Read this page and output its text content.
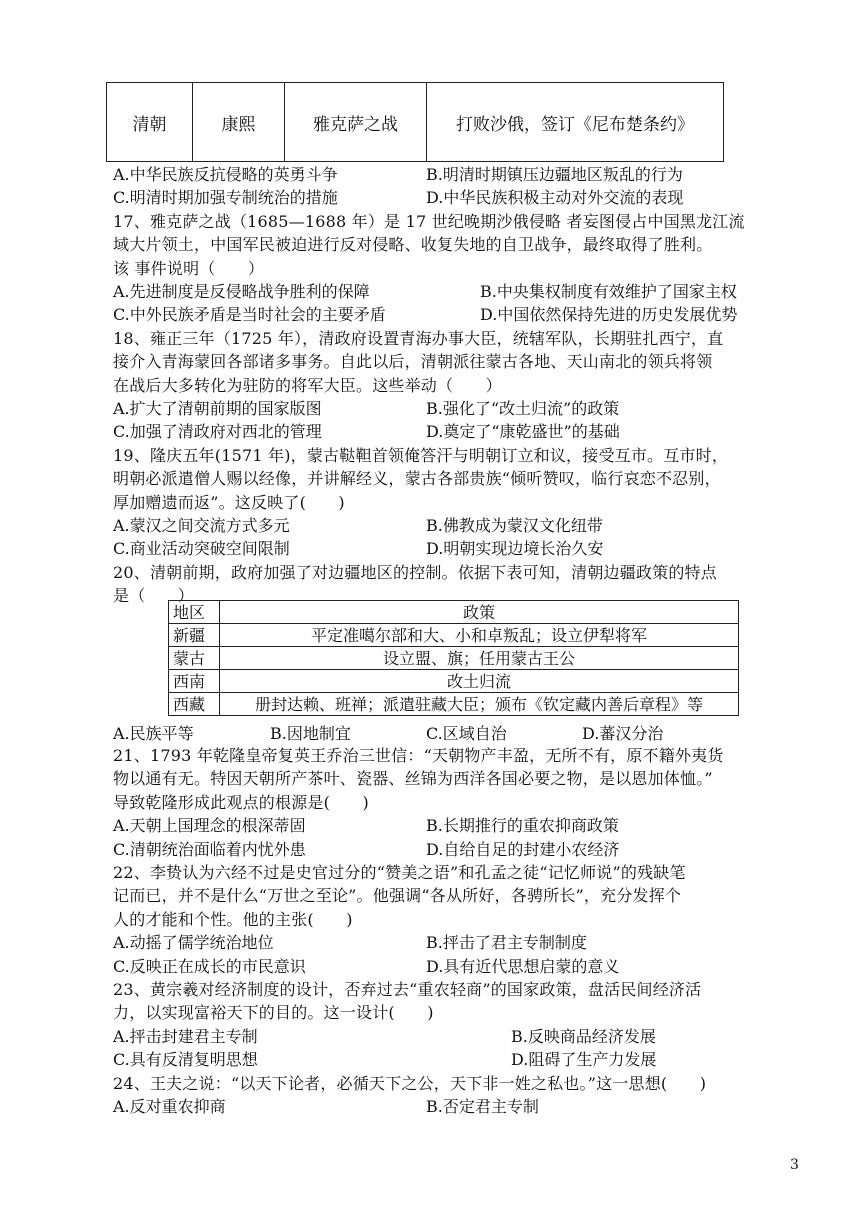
清朝	康熙	雅克萨之战	打败沙俄，签订《尼布楚条约》
A.中华民族反抗侵略的英勇斗争	B.明清时期镇压边疆地区叛乱的行为
C.明清时期加强专制统治的措施	D.中华民族积极主动对外交流的表现
17、雅克萨之战（1685—1688 年）是 17 世纪晚期沙俄侵略 者妄图侵占中国黑龙江流
域大片领土，中国军民被迫进行反对侵略、收复失地的自卫战争，最终取得了胜利。
该 事件说明（　　）
A.先进制度是反侵略战争胜利的保障	B.中央集权制度有效维护了国家主权
C.中外民族矛盾是当时社会的主要矛盾	D.中国依然保持先进的历史发展优势
18、雍正三年（1725 年），清政府设置青海办事大臣，统辖军队，长期驻扎西宁，直
接介入青海蒙回各部诸多事务。自此以后，清朝派往蒙古各地、天山南北的领兵将领
在战后大多转化为驻防的将军大臣。这些举动（　　）
A.扩大了清朝前期的国家版图	B.强化了“改土归流”的政策
C.加强了清政府对西北的管理	D.奠定了“康乾盛世”的基础
19、隆庆五年(1571 年)，蒙古鞑靼首领俺答汗与明朝订立和议，接受互市。互市时，
明朝必派遣僧人赐以经像，并讲解经义，蒙古各部贵族“倾听赞叹，临行哀恋不忍别，
厚加赠遗而返”。这反映了(　　)
A.蒙汉之间交流方式多元	B.佛教成为蒙汉文化纽带
C.商业活动突破空间限制	D.明朝实现边境长治久安
20、清朝前期，政府加强了对边疆地区的控制。依据下表可知，清朝边疆政策的特点
是（　　）
地区	政策
新疆	平定准噶尔部和大、小和卓叛乱；设立伊犁将军
蒙古	设立盟、旗；任用蒙古王公
西南	改土归流
西藏	册封达赖、班禅；派遣驻藏大臣；颁布《钦定藏内善后章程》等
A.民族平等	B.因地制宜	C.区域自治	D.蕃汉分治
21、1793 年乾隆皇帝复英王乔治三世信：“天朝物产丰盈，无所不有，原不籍外夷货
物以通有无。特因天朝所产茶叶、瓷器、丝锦为西洋各国必要之物，是以恩加体恤。”
导致乾隆形成此观点的根源是(　　)
A.天朝上国理念的根深蒂固	B.长期推行的重农抑商政策
C.清朝统治面临着内忧外患	D.自给自足的封建小农经济
22、李贽认为六经不过是史官过分的“赞美之语”和孔孟之徒“记忆师说”的残缺笔
记而已，并不是什么“万世之至论”。他强调“各从所好，各骋所长”，充分发挥个
人的才能和个性。他的主张(　　)
A.动摇了儒学统治地位	B.抨击了君主专制制度
C.反映正在成长的市民意识	D.具有近代思想启蒙的意义
23、黄宗羲对经济制度的设计，否弃过去“重农轻商”的国家政策，盘活民间经济活
力，以实现富裕天下的目的。这一设计(　　)
A.抨击封建君主专制	B.反映商品经济发展
C.具有反清复明思想	D.阻碍了生产力发展
24、王夫之说：“以天下论者，必循天下之公，天下非一姓之私也。”这一思想(　　)
A.反对重农抑商	B.否定君主专制
3
